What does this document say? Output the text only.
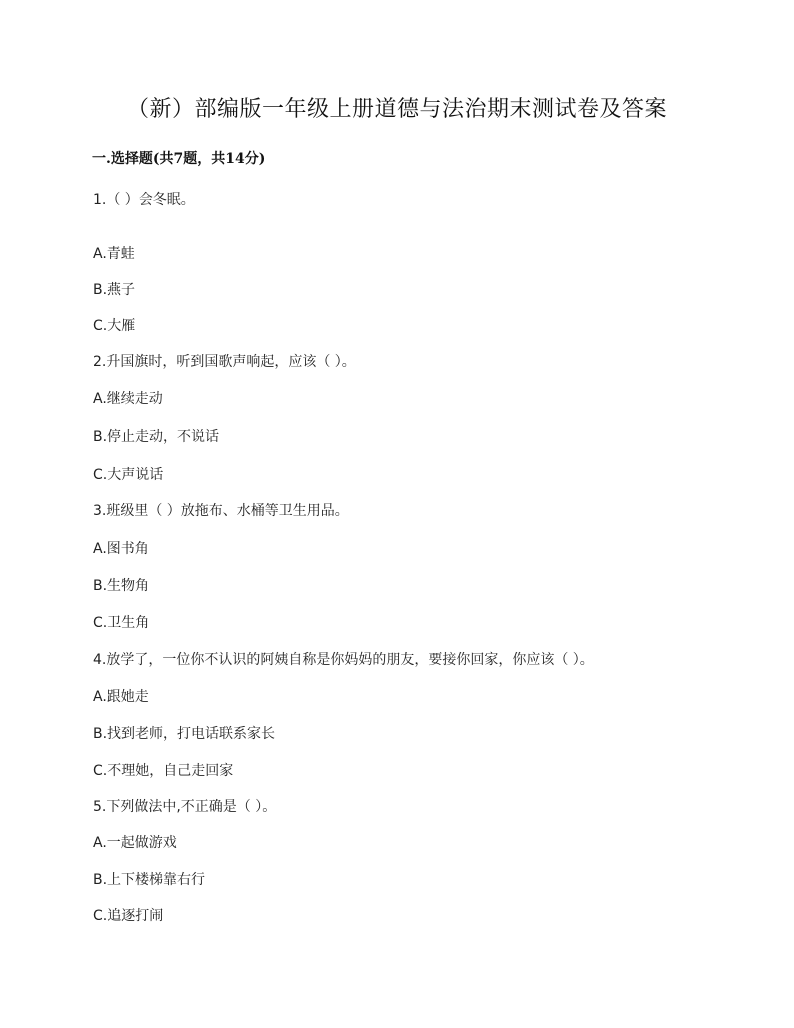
（新）部编版一年级上册道德与法治期末测试卷及答案
一.选择题(共7题，共14分)
1.（ ）会冬眠。
A.青蛙
B.燕子
C.大雁
2.升国旗时，听到国歌声响起，应该（ ）。
A.继续走动
B.停止走动，不说话
C.大声说话
3.班级里（ ）放拖布、水桶等卫生用品。
A.图书角
B.生物角
C.卫生角
4.放学了，一位你不认识的阿姨自称是你妈妈的朋友，要接你回家，你应该（ ）。
A.跟她走
B.找到老师，打电话联系家长
C.不理她，自己走回家
5.下列做法中,不正确是（ ）。
A.一起做游戏
B.上下楼梯靠右行
C.追逐打闹
